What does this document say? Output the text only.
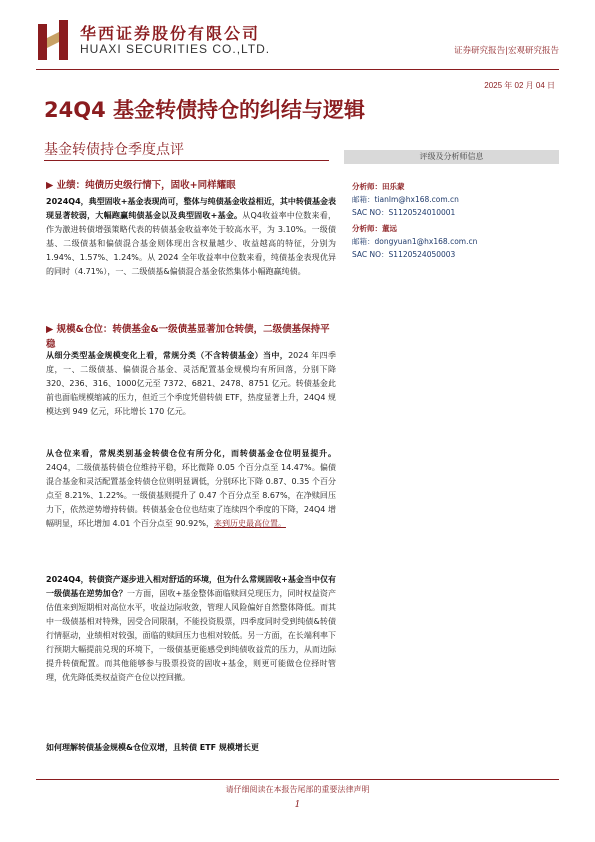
华西证券股份有限公司
HUAXI SECURITIES CO.,LTD.	证券研究报告|宏观研究报告
2025 年 02 月 04 日
24Q4 基金转债持仓的纠结与逻辑
基金转债持仓季度点评	评级及分析师信息
分析师：田乐蒙
邮箱：tianlm@hx168.com.cn
SAC NO：S1120524010001
分析师：董远
邮箱：dongyuan1@hx168.com.cn
SAC NO：S1120524050003
▶ 业绩：纯债历史级行情下，固收+同样耀眼
2024Q4，典型固收+基金表现尚可，整体与纯债基金收益相近，其中转债基金表现显著较弱，大幅跑赢纯债基金以及典型固收+基金。从Q4收益率中位数来看，作为激进转债增强策略代表的转债基金收益率处于较高水平，为 3.10%。一级债基、二级债基和偏债混合基金则体现出含权量越少、收益越高的特征，分别为 1.94%、1.57%、1.24%。从 2024 全年收益率中位数来看，纯债基金表现优异的同时（4.71%），一、二级债基&偏债混合基金依然集体小幅跑赢纯债。
▶ 规模&仓位：转债基金&一级债基显著加仓转债，二级债基保持平稳
从细分类型基金规模变化上看，常规分类（不含转债基金）当中，2024 年四季度，一、二级债基、偏债混合基金、灵活配置基金规模均有所回落，分别下降320、236、316、1000亿元至 7372、6821、2478、8751 亿元。转债基金此前也面临规模缩减的压力，但近三个季度凭借转债 ETF，热度显著上升，24Q4 规模达到 949 亿元，环比增长 170 亿元。
从仓位来看，常规类别基金转债仓位有所分化，而转债基金仓位明显提升。24Q4，二级债基转债仓位维持平稳，环比微降 0.05 个百分点至 14.47%。偏债混合基金和灵活配置基金转债仓位则明显调低，分别环比下降 0.87、0.35 个百分点至 8.21%、1.22%。一级债基则提升了 0.47 个百分点至 8.67%，在净赎回压力下，依然逆势增持转债。转债基金仓位也结束了连续四个季度的下降，24Q4 增幅明显，环比增加 4.01 个百分点至 90.92%，来到历史最高位置。
2024Q4，转债资产逐步进入相对舒适的环境，但为什么常规固收+基金当中仅有一级债基在逆势加仓？一方面，固收+基金整体面临赎回兑现压力，同时权益资产估值来到短期相对高位水平，收益边际收敛，管理人风险偏好自然整体降低。而其中一级债基相对特殊，因受合同限制，不能投资股票，四季度同时受到纯债&转债行情驱动，业绩相对较强，面临的赎回压力也相对较低。另一方面，在长端利率下行预期大幅提前兑现的环境下，一级债基更能感受到纯债收益荒的压力，从而边际提升转债配置。而其他能够参与股票投资的固收+基金，则更可能做仓位择时管理，优先降低类权益资产仓位以控回撤。
如何理解转债基金规模&仓位双增，且转债 ETF 规模增长更
请仔细阅读在本报告尾部的重要法律声明
1
